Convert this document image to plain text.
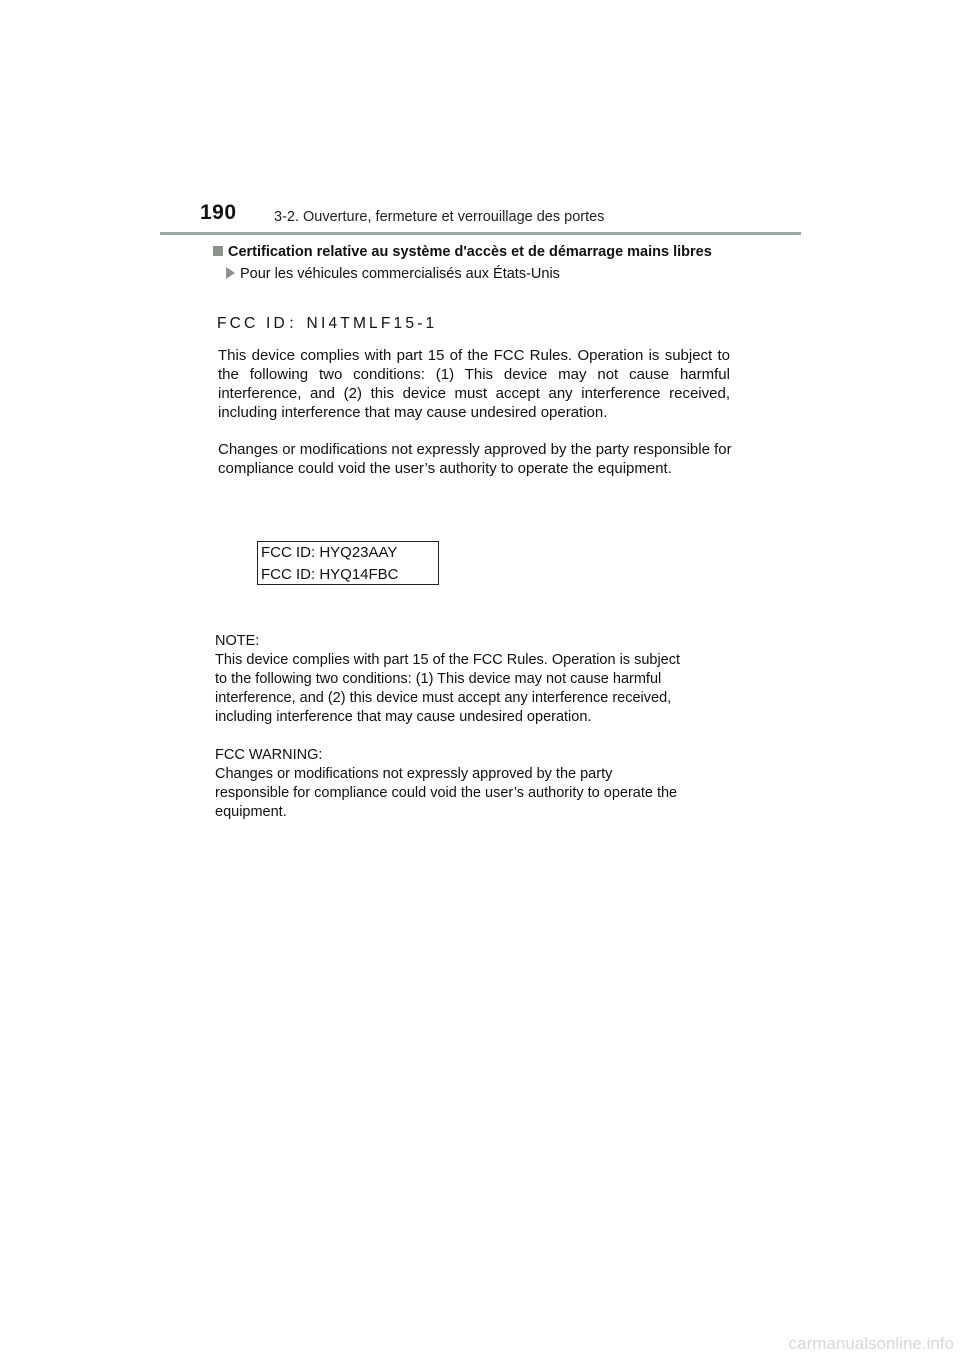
190	3-2. Ouverture, fermeture et verrouillage des portes
Certification relative au système d'accès et de démarrage mains libres
Pour les véhicules commercialisés aux États-Unis
FCC ID：NI4TMLF15-1
This device complies with part 15 of the FCC Rules. Operation is subject to the following two conditions: (1) This device may not cause harmful interference, and (2) this device must accept any interference received, including interference that may cause undesired operation.
Changes or modifications not expressly approved by the party responsible for compliance could void the user’s authority to operate the equipment.
FCC ID: HYQ23AAY
FCC ID: HYQ14FBC
NOTE:
This device complies with part 15 of the FCC Rules. Operation is subject
to the following two conditions: (1) This device may not cause harmful
interference, and (2) this device must accept any interference received,
including interference that may cause undesired operation.
FCC WARNING:
Changes or modifications not expressly approved by the party
responsible for compliance could void the user’s authority to operate the
equipment.
carmanualsonline.info
